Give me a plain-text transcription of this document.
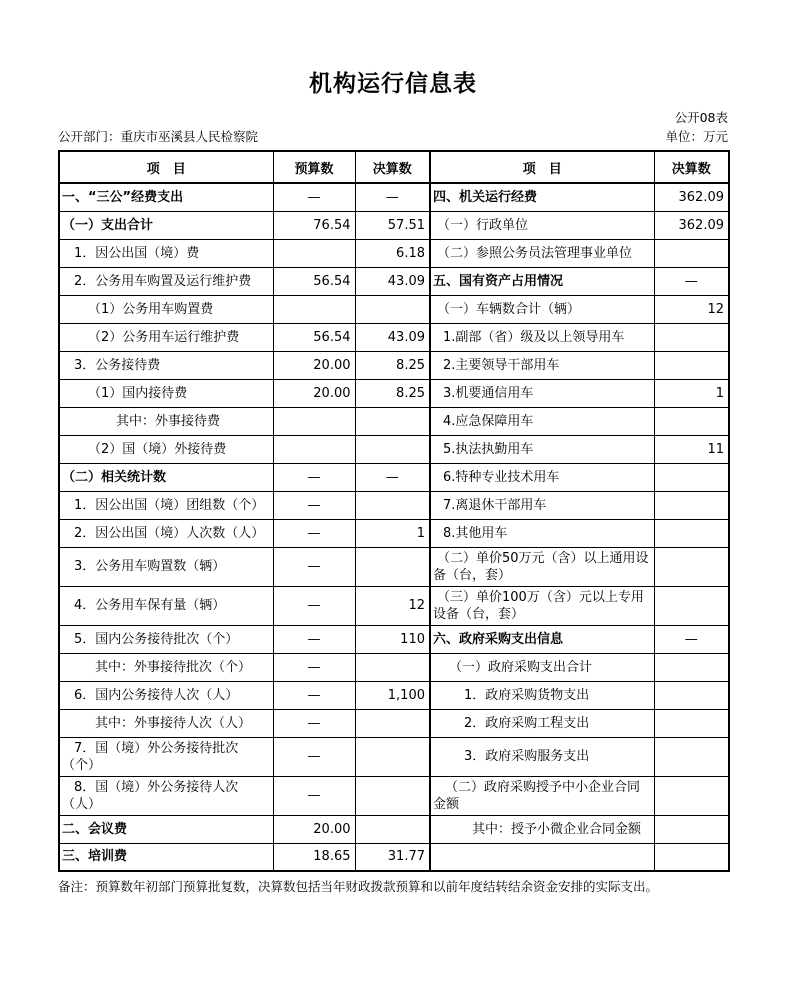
机构运行信息表
公开08表
公开部门：重庆市巫溪县人民检察院	单位：万元
项　目	预算数	决算数	项　目	决算数
一、“三公”经费支出	—	—	四、机关运行经费	362.09
（一）支出合计	76.54	57.51	（一）行政单位	362.09
1．因公出国（境）费		6.18	（二）参照公务员法管理事业单位	
2．公务用车购置及运行维护费	56.54	43.09	五、国有资产占用情况	—
（1）公务用车购置费			（一）车辆数合计（辆）	12
（2）公务用车运行维护费	56.54	43.09	1.副部（省）级及以上领导用车	
3．公务接待费	20.00	8.25	2.主要领导干部用车	
（1）国内接待费	20.00	8.25	3.机要通信用车	1
其中：外事接待费			4.应急保障用车	
（2）国（境）外接待费			5.执法执勤用车	11
（二）相关统计数	—	—	6.特种专业技术用车	
1．因公出国（境）团组数（个）	—		7.离退休干部用车	
2．因公出国（境）人次数（人）	—	1	8.其他用车	
3．公务用车购置数（辆）	—		（二）单价50万元（含）以上通用设备（台，套）	
4．公务用车保有量（辆）	—	12	（三）单价100万（含）元以上专用设备（台，套）	
5．国内公务接待批次（个）	—	110	六、政府采购支出信息	—
其中：外事接待批次（个）	—		（一）政府采购支出合计	
6．国内公务接待人次（人）	—	1,100	1．政府采购货物支出	
其中：外事接待人次（人）	—		2．政府采购工程支出	
7．国（境）外公务接待批次（个）	—		3．政府采购服务支出	
8．国（境）外公务接待人次（人）	—		（二）政府采购授予中小企业合同金额	
二、会议费	20.00		其中：授予小微企业合同金额	
三、培训费	18.65	31.77		
备注：预算数年初部门预算批复数，决算数包括当年财政拨款预算和以前年度结转结余资金安排的实际支出。
